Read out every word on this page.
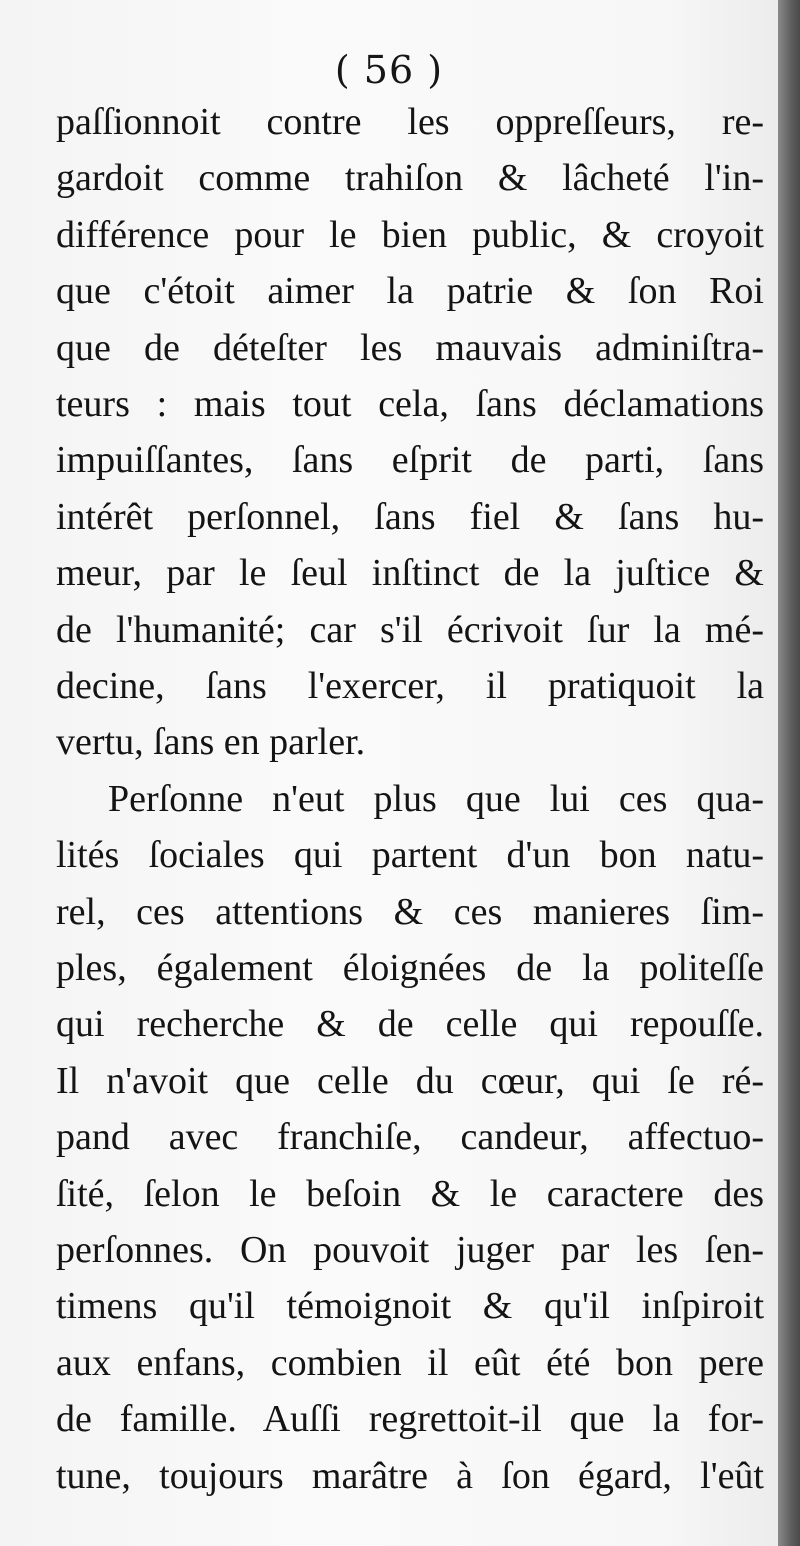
( 56 )
paſſionnoit contre les oppreſſeurs, re-
gardoit comme trahiſon & lâcheté l'in-
différence pour le bien public, & croyoit
que c'étoit aimer la patrie & ſon Roi
que de déteſter les mauvais adminiſtra-
teurs : mais tout cela, ſans déclamations
impuiſſantes, ſans eſprit de parti, ſans
intérêt perſonnel, ſans fiel & ſans hu-
meur, par le ſeul inſtinct de la juſtice &
de l'humanité; car s'il écrivoit ſur la mé-
decine, ſans l'exercer, il pratiquoit la
vertu, ſans en parler.
Perſonne n'eut plus que lui ces qua-
lités ſociales qui partent d'un bon natu-
rel, ces attentions & ces manieres ſim-
ples, également éloignées de la politeſſe
qui recherche & de celle qui repouſſe.
Il n'avoit que celle du cœur, qui ſe ré-
pand avec franchiſe, candeur, affectuo-
ſité, ſelon le beſoin & le caractere des
perſonnes. On pouvoit juger par les ſen-
timens qu'il témoignoit & qu'il inſpiroit
aux enfans, combien il eût été bon pere
de famille. Auſſi regrettoit-il que la for-
tune, toujours marâtre à ſon égard, l'eût
